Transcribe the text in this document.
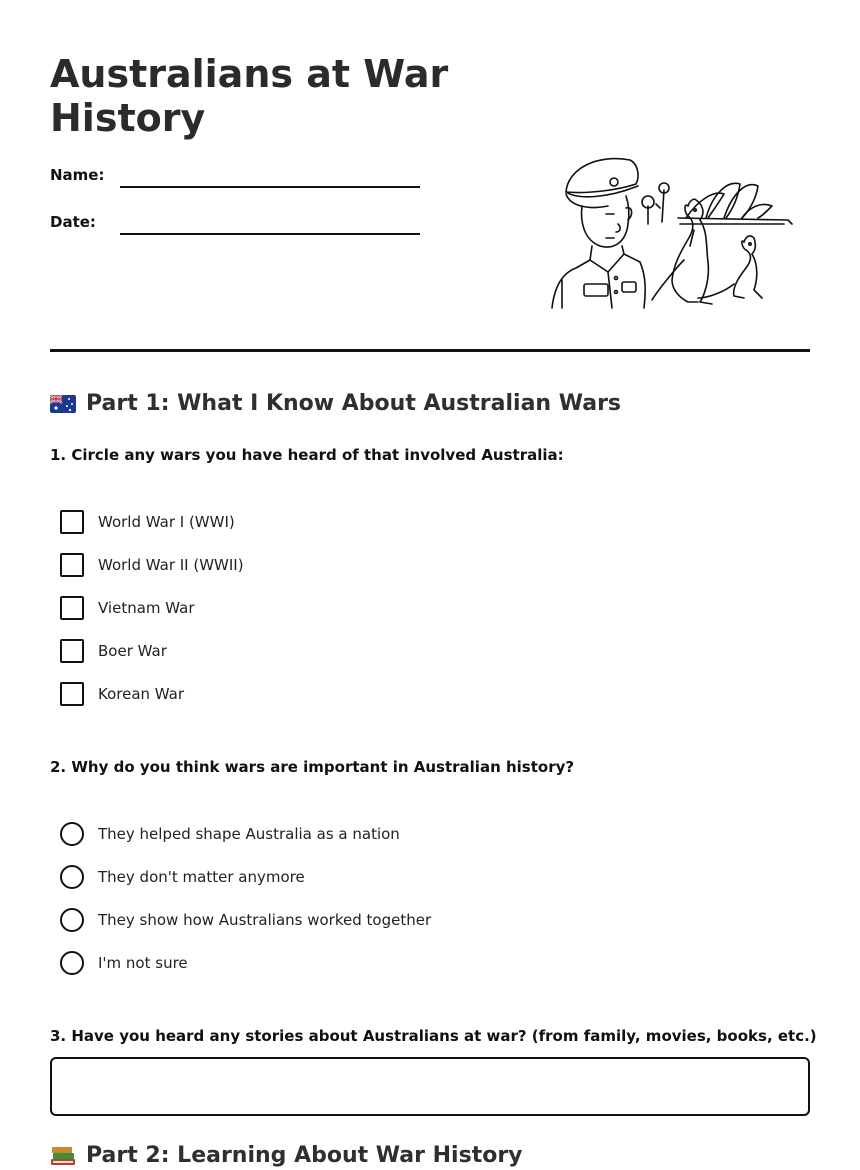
Australians at War History
Name:
Date:
Part 1: What I Know About Australian Wars
1. Circle any wars you have heard of that involved Australia:
World War I (WWI)
World War II (WWII)
Vietnam War
Boer War
Korean War
2. Why do you think wars are important in Australian history?
They helped shape Australia as a nation
They don't matter anymore
They show how Australians worked together
I'm not sure
3. Have you heard any stories about Australians at war? (from family, movies, books, etc.)
Part 2: Learning About War History
